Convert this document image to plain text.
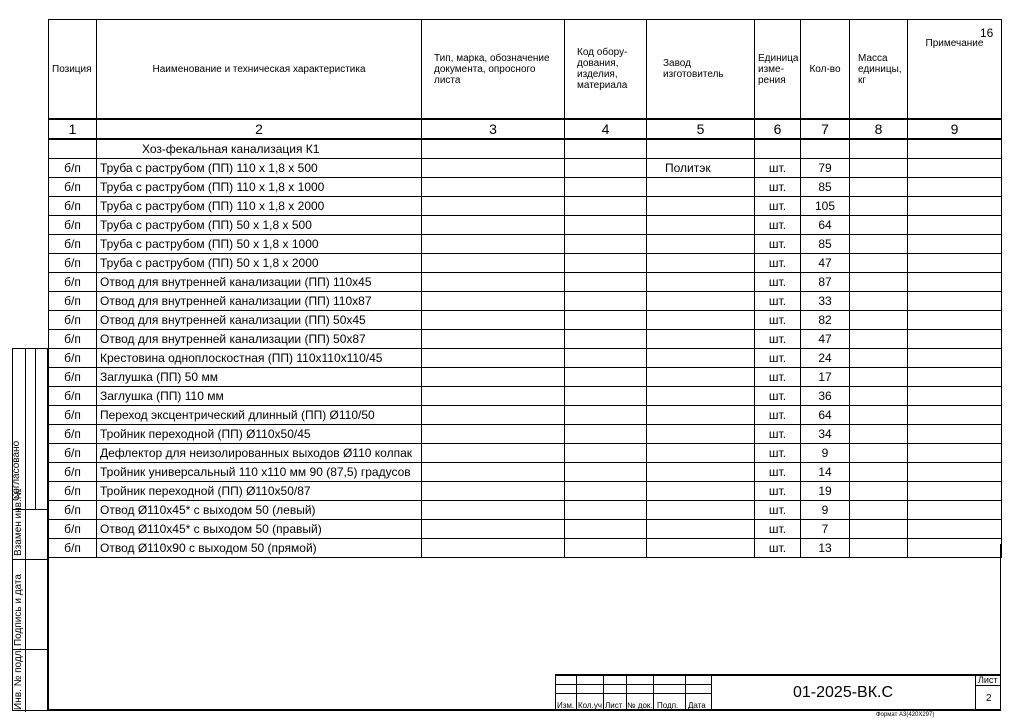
16
Позиция	Наименование и техническая характеристика	Тип, марка, обозначение документа, опросного листа	Код обору-дования, изделия, материала	Завод изготовитель	Единица изме-рения	Кол-во	Масса единицы, кг	Примечание
1	2	3	4	5	6	7	8	9
	Хоз-фекальная канализация К1							
б/п	Труба с раструбом (ПП) 110 х 1,8 х 500			Политэк	шт.	79		
б/п	Труба с раструбом (ПП) 110 х 1,8 х 1000				шт.	85		
б/п	Труба с раструбом (ПП) 110 х 1,8 х 2000				шт.	105		
б/п	Труба с раструбом (ПП) 50 х 1,8 х 500				шт.	64		
б/п	Труба с раструбом (ПП) 50 х 1,8 х 1000				шт.	85		
б/п	Труба с раструбом (ПП) 50 х 1,8 х 2000				шт.	47		
б/п	Отвод для внутренней канализации (ПП) 110х45				шт.	87		
б/п	Отвод для внутренней канализации (ПП) 110х87				шт.	33		
б/п	Отвод для внутренней канализации (ПП) 50х45				шт.	82		
б/п	Отвод для внутренней канализации (ПП) 50х87				шт.	47		
б/п	Крестовина одноплоскостная (ПП) 110х110х110/45				шт.	24		
б/п	Заглушка (ПП) 50 мм				шт.	17		
б/п	Заглушка (ПП) 110 мм				шт.	36		
б/п	Переход эксцентрический длинный (ПП) Ø110/50				шт.	64		
б/п	Тройник переходной (ПП) Ø110х50/45				шт.	34		
б/п	Дефлектор для неизолированных выходов Ø110 колпак				шт.	9		
б/п	Тройник универсальный 110 х110 мм 90 (87,5) градусов				шт.	14		
б/п	Тройник переходной (ПП) Ø110х50/87				шт.	19		
б/п	Отвод Ø110х45* с выходом 50 (левый)				шт.	9		
б/п	Отвод Ø110х45* с выходом 50 (правый)				шт.	7		
б/п	Отвод Ø110х90 с выходом 50 (прямой)				шт.	13		
Согласовано
Взамен инв.№
Подпись и дата
Инв. № подл.	Изм. Кол.уч Лист № док. Подп. Дата
01-2025-ВК.С
Лист
2
Формат А3(420Х297)
